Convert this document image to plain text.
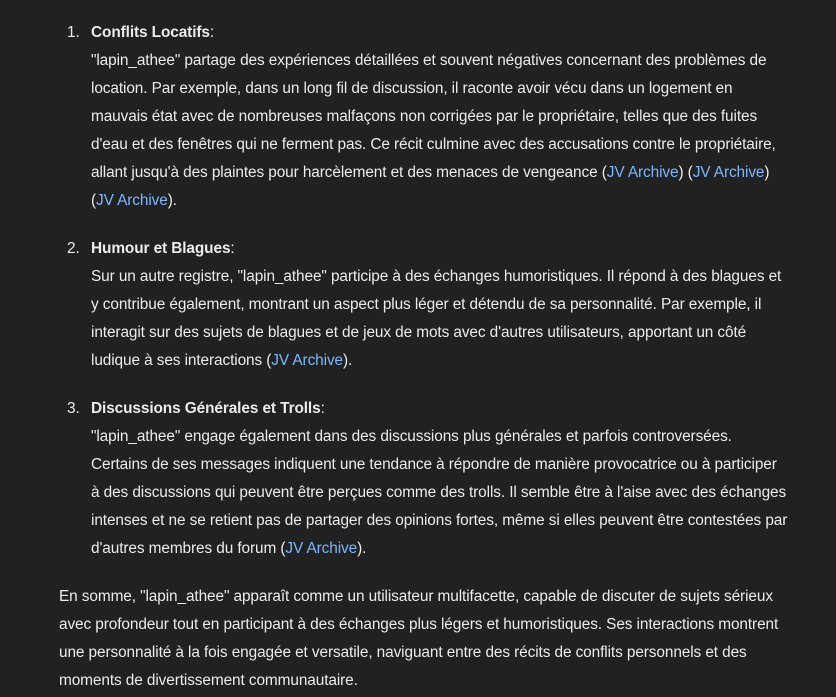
1. Conflits Locatifs:
"lapin_athee" partage des expériences détaillées et souvent négatives concernant des problèmes de location. Par exemple, dans un long fil de discussion, il raconte avoir vécu dans un logement en mauvais état avec de nombreuses malfaçons non corrigées par le propriétaire, telles que des fuites d'eau et des fenêtres qui ne ferment pas. Ce récit culmine avec des accusations contre le propriétaire, allant jusqu'à des plaintes pour harcèlement et des menaces de vengeance (JV Archive) (JV Archive) (JV Archive).
2. Humour et Blagues:
Sur un autre registre, "lapin_athee" participe à des échanges humoristiques. Il répond à des blagues et y contribue également, montrant un aspect plus léger et détendu de sa personnalité. Par exemple, il interagit sur des sujets de blagues et de jeux de mots avec d'autres utilisateurs, apportant un côté ludique à ses interactions (JV Archive).
3. Discussions Générales et Trolls:
"lapin_athee" engage également dans des discussions plus générales et parfois controversées. Certains de ses messages indiquent une tendance à répondre de manière provocatrice ou à participer à des discussions qui peuvent être perçues comme des trolls. Il semble être à l'aise avec des échanges intenses et ne se retient pas de partager des opinions fortes, même si elles peuvent être contestées par d'autres membres du forum (JV Archive).

En somme, "lapin_athee" apparaît comme un utilisateur multifacette, capable de discuter de sujets sérieux avec profondeur tout en participant à des échanges plus légers et humoristiques. Ses interactions montrent une personnalité à la fois engagée et versatile, naviguant entre des récits de conflits personnels et des moments de divertissement communautaire.
